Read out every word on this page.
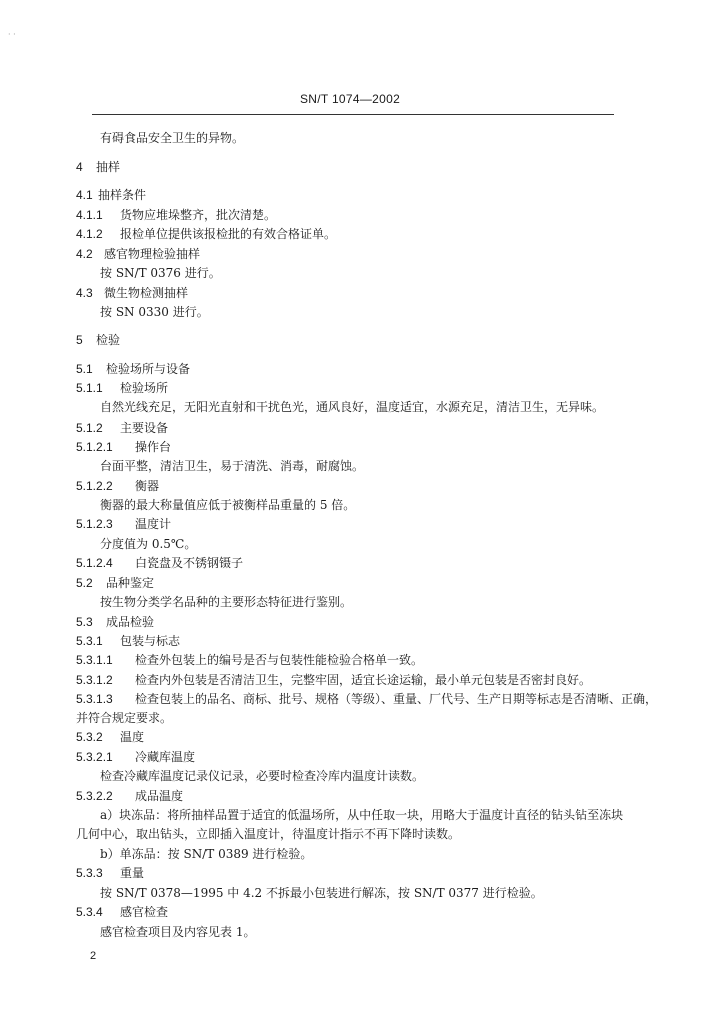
· ·
SN/T 1074—2002
有碍食品安全卫生的异物。
4 抽样
4.1 抽样条件
4.1.1 货物应堆垛整齐，批次清楚。
4.1.2 报检单位提供该报检批的有效合格证单。
4.2 感官物理检验抽样
按 SN/T 0376 进行。
4.3 微生物检测抽样
按 SN 0330 进行。
5 检验
5.1 检验场所与设备
5.1.1 检验场所
自然光线充足，无阳光直射和干扰色光，通风良好，温度适宜，水源充足，清洁卫生，无异味。
5.1.2 主要设备
5.1.2.1 操作台
台面平整，清洁卫生，易于清洗、消毒，耐腐蚀。
5.1.2.2 衡器
衡器的最大称量值应低于被衡样品重量的 5 倍。
5.1.2.3 温度计
分度值为 0.5℃。
5.1.2.4 白瓷盘及不锈钢镊子
5.2 品种鉴定
按生物分类学名品种的主要形态特征进行鉴别。
5.3 成品检验
5.3.1 包装与标志
5.3.1.1 检查外包装上的编号是否与包装性能检验合格单一致。
5.3.1.2 检查内外包装是否清洁卫生，完整牢固，适宜长途运输，最小单元包装是否密封良好。
5.3.1.3 检查包装上的品名、商标、批号、规格（等级）、重量、厂代号、生产日期等标志是否清晰、正确，
并符合规定要求。
5.3.2 温度
5.3.2.1 冷藏库温度
检查冷藏库温度记录仪记录，必要时检查冷库内温度计读数。
5.3.2.2 成品温度
a）块冻品：将所抽样品置于适宜的低温场所，从中任取一块，用略大于温度计直径的钻头钻至冻块
几何中心，取出钻头，立即插入温度计，待温度计指示不再下降时读数。
b）单冻品：按 SN/T 0389 进行检验。
5.3.3 重量
按 SN/T 0378—1995 中 4.2 不拆最小包装进行解冻，按 SN/T 0377 进行检验。
5.3.4 感官检查
感官检查项目及内容见表 1。
2
